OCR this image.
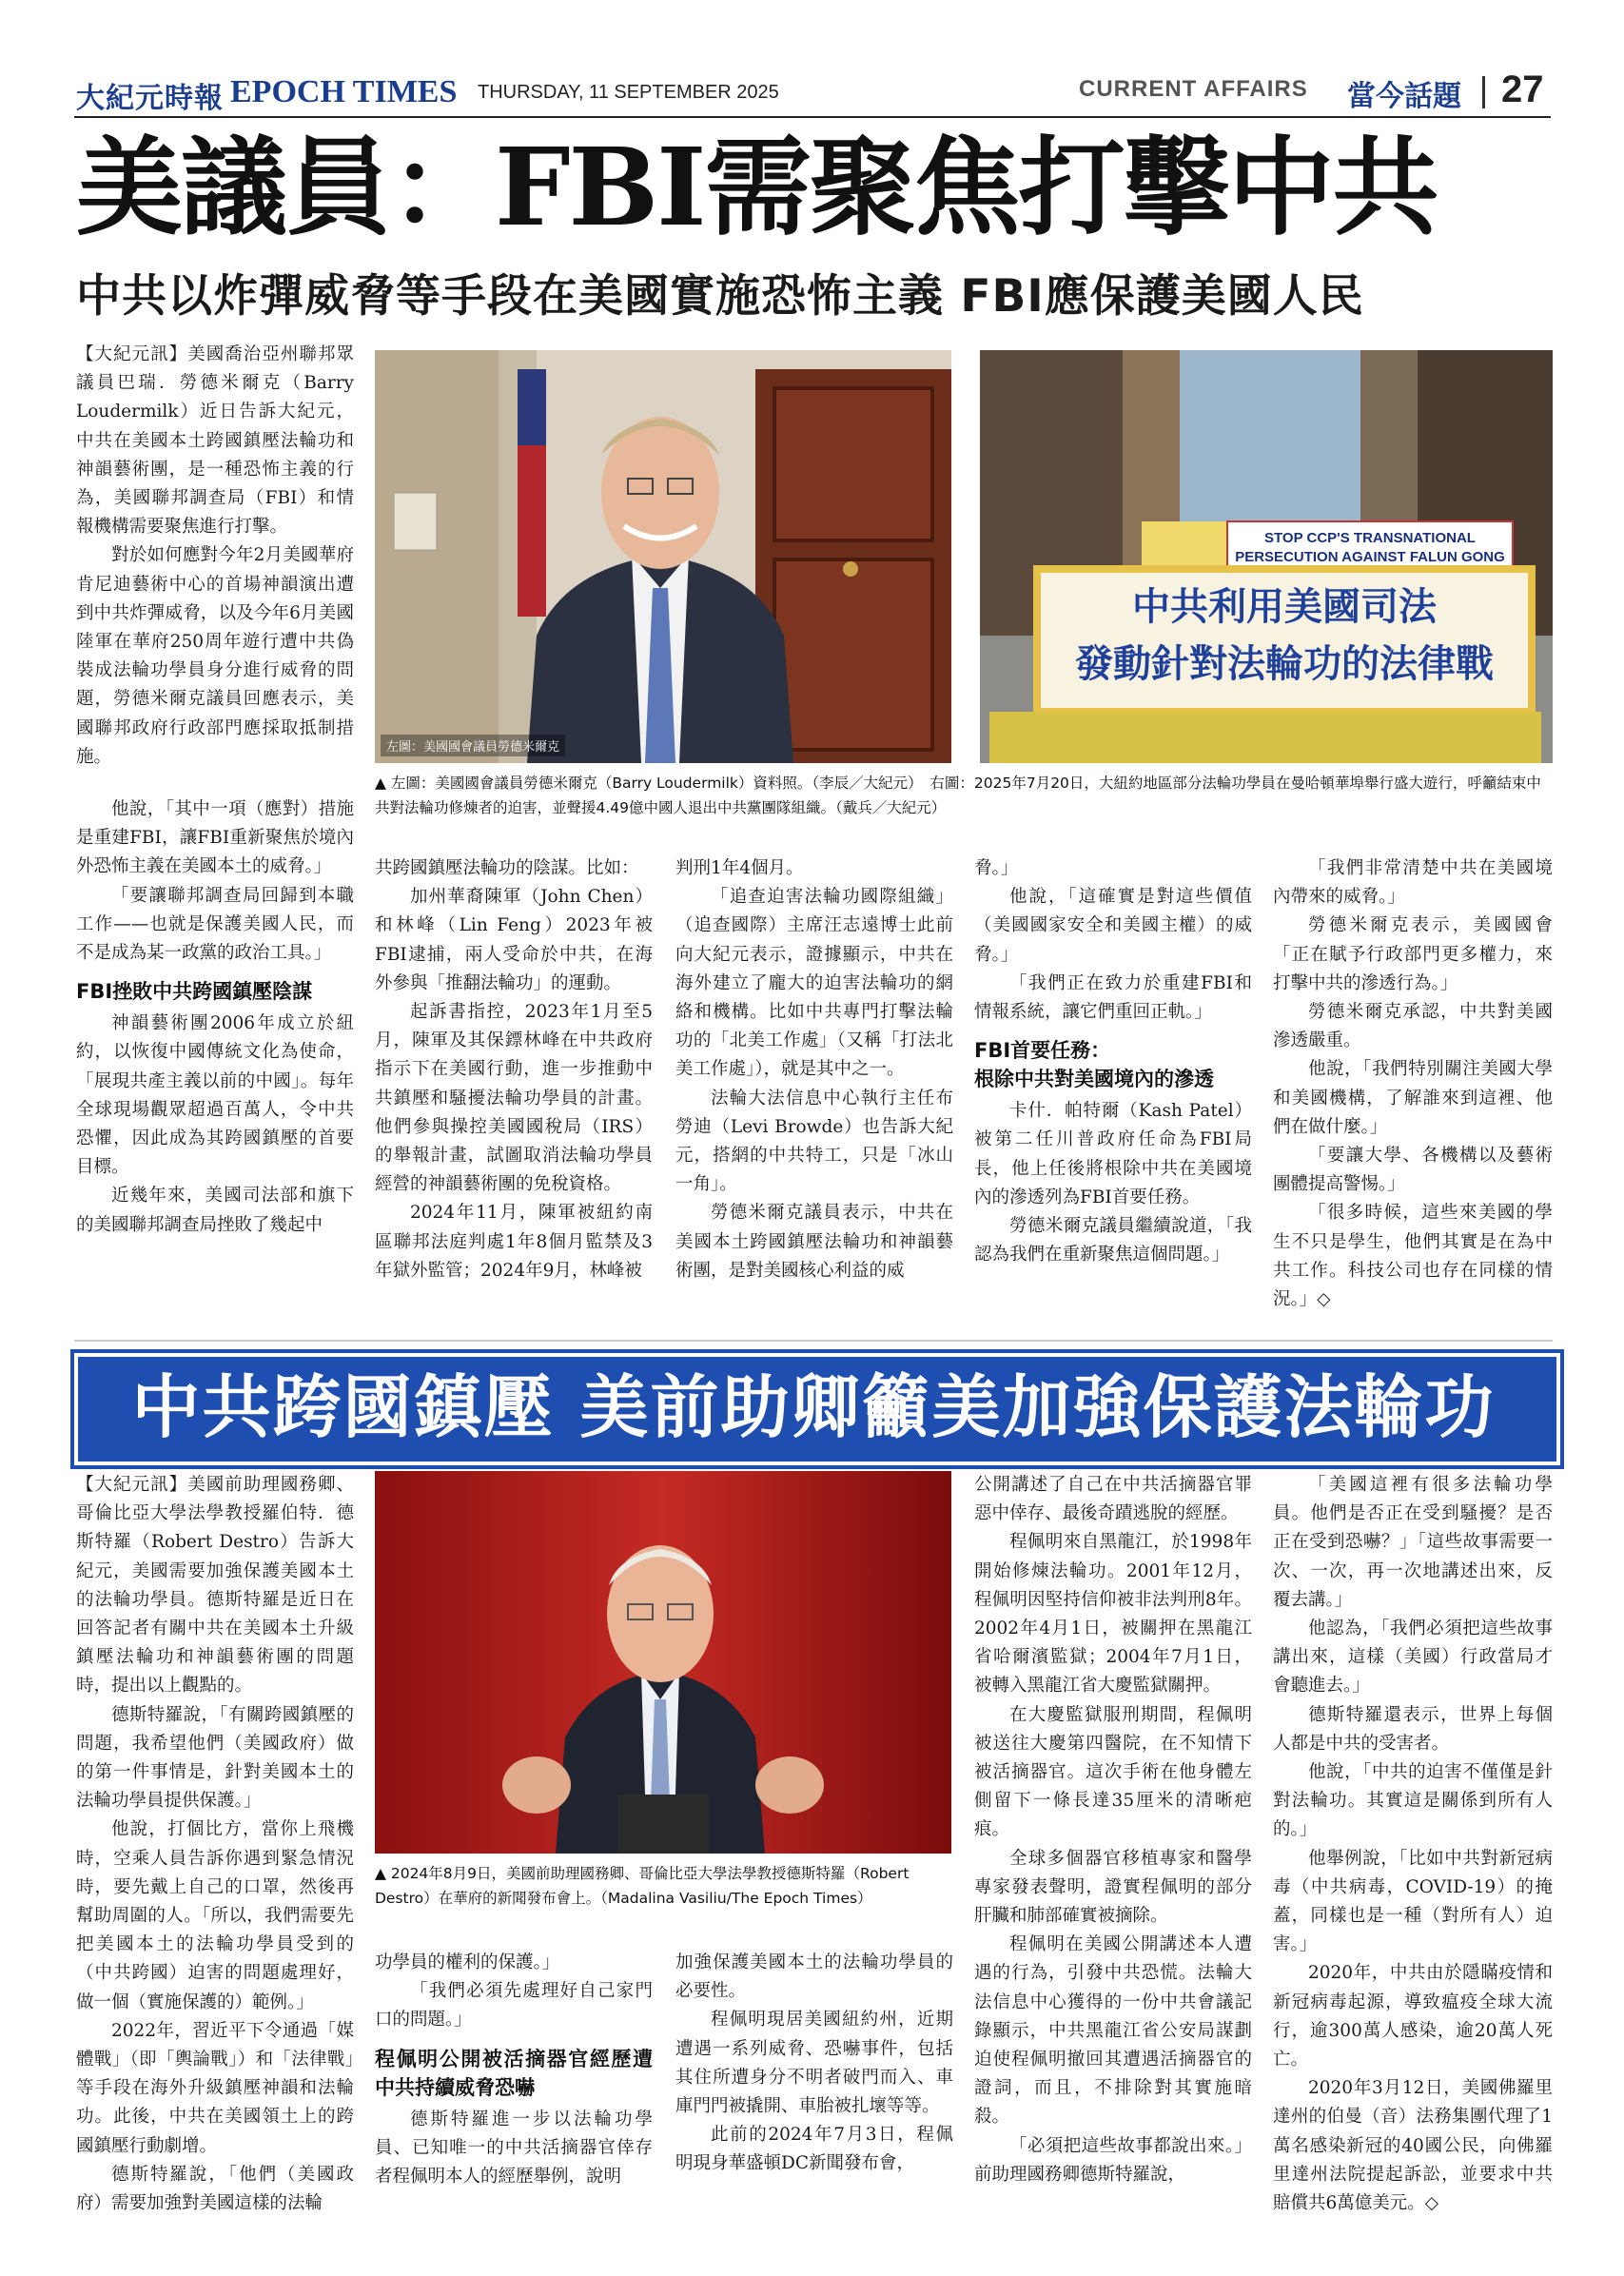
大紀元時報 EPOCH TIMES THURSDAY, 11 SEPTEMBER 2025	CURRENT AFFAIRS 當今話題 27
美議員：FBI需聚焦打擊中共
中共以炸彈威脅等手段在美國實施恐怖主義 FBI應保護美國人民

【大紀元訊】美國喬治亞州聯邦眾議員巴瑞．勞德米爾克（Barry Loudermilk）近日告訴大紀元，中共在美國本土跨國鎮壓法輪功和神韻藝術團，是一種恐怖主義的行為，美國聯邦調查局（FBI）和情報機構需要聚焦進行打擊。

對於如何應對今年2月美國華府肯尼迪藝術中心的首場神韻演出遭到中共炸彈威脅，以及今年6月美國陸軍在華府250周年遊行遭中共偽裝成法輪功學員身分進行威脅的問題，勞德米爾克議員回應表示，美國聯邦政府行政部門應採取抵制措施。

STOP CCP'S TRANSNATIONAL PERSECUTION AGAINST FALUN GONG
中共利用美國司法
發動針對法輪功的法律戰
▲ 左圖：美國國會議員勞德米爾克（Barry Loudermilk）資料照。（李辰／大紀元）　右圖：2025年7月20日，大紐約地區部分法輪功學員在曼哈頓華埠舉行盛大遊行，呼籲結束中共對法輪功修煉者的迫害，並聲援4.49億中國人退出中共黨團隊組織。（戴兵／大紀元）

他說，「其中一項（應對）措施是重建FBI，讓FBI重新聚焦於境內外恐怖主義在美國本土的威脅。」

「要讓聯邦調查局回歸到本職工作——也就是保護美國人民，而不是成為某一政黨的政治工具。」

FBI挫敗中共跨國鎮壓陰謀

神韻藝術團2006年成立於紐約，以恢復中國傳統文化為使命，「展現共產主義以前的中國」。每年全球現場觀眾超過百萬人，令中共恐懼，因此成為其跨國鎮壓的首要目標。

近幾年來，美國司法部和旗下的美國聯邦調查局挫敗了幾起中

共跨國鎮壓法輪功的陰謀。比如：

加州華裔陳軍（John Chen）和林峰（Lin Feng）2023年被FBI逮捕，兩人受命於中共，在海外參與「推翻法輪功」的運動。

起訴書指控，2023年1月至5月，陳軍及其保鏢林峰在中共政府指示下在美國行動，進一步推動中共鎮壓和騷擾法輪功學員的計畫。他們參與操控美國國稅局（IRS）的舉報計畫，試圖取消法輪功學員經營的神韻藝術團的免稅資格。

2024年11月，陳軍被紐約南區聯邦法庭判處1年8個月監禁及3年獄外監管；2024年9月，林峰被

判刑1年4個月。

「追查迫害法輪功國際組織」（追查國際）主席汪志遠博士此前向大紀元表示，證據顯示，中共在海外建立了龐大的迫害法輪功的網絡和機構。比如中共專門打擊法輪功的「北美工作處」（又稱「打法北美工作處」），就是其中之一。

法輪大法信息中心執行主任布勞迪（Levi Browde）也告訴大紀元，搭網的中共特工，只是「冰山一角」。

勞德米爾克議員表示，中共在美國本土跨國鎮壓法輪功和神韻藝術團，是對美國核心利益的威

脅。」

他說，「這確實是對這些價值（美國國家安全和美國主權）的威脅。」

「我們正在致力於重建FBI和情報系統，讓它們重回正軌。」

FBI首要任務：
根除中共對美國境內的滲透

卡什．帕特爾（Kash Patel）被第二任川普政府任命為FBI局長，他上任後將根除中共在美國境內的滲透列為FBI首要任務。

勞德米爾克議員繼續說道，「我認為我們在重新聚焦這個問題。」

「我們非常清楚中共在美國境內帶來的威脅。」

勞德米爾克表示，美國國會「正在賦予行政部門更多權力，來打擊中共的滲透行為。」

勞德米爾克承認，中共對美國滲透嚴重。

他說，「我們特別關注美國大學和美國機構，了解誰來到這裡、他們在做什麼。」

「要讓大學、各機構以及藝術團體提高警惕。」

「很多時候，這些來美國的學生不只是學生，他們其實是在為中共工作。科技公司也存在同樣的情況。」◇

中共跨國鎮壓 美前助卿籲美加強保護法輪功

【大紀元訊】美國前助理國務卿、哥倫比亞大學法學教授羅伯特．德斯特羅（Robert Destro）告訴大紀元，美國需要加強保護美國本土的法輪功學員。德斯特羅是近日在回答記者有關中共在美國本土升級鎮壓法輪功和神韻藝術團的問題時，提出以上觀點的。

德斯特羅說，「有關跨國鎮壓的問題，我希望他們（美國政府）做的第一件事情是，針對美國本土的法輪功學員提供保護。」

他說，打個比方，當你上飛機時，空乘人員告訴你遇到緊急情況時，要先戴上自己的口罩，然後再幫助周圍的人。「所以，我們需要先把美國本土的法輪功學員受到的（中共跨國）迫害的問題處理好，做一個（實施保護的）範例。」

2022年，習近平下令通過「媒體戰」（即「輿論戰」）和「法律戰」等手段在海外升級鎮壓神韻和法輪功。此後，中共在美國領土上的跨國鎮壓行動劇增。

德斯特羅說，「他們（美國政府）需要加強對美國這樣的法輪

▲ 2024年8月9日，美國前助理國務卿、哥倫比亞大學法學教授德斯特羅（Robert Destro）在華府的新聞發布會上。（Madalina Vasiliu/The Epoch Times）

功學員的權利的保護。」

「我們必須先處理好自己家門口的問題。」

程佩明公開被活摘器官經歷遭中共持續威脅恐嚇

德斯特羅進一步以法輪功學員、已知唯一的中共活摘器官倖存者程佩明本人的經歷舉例，說明

加強保護美國本土的法輪功學員的必要性。

程佩明現居美國紐約州，近期遭遇一系列威脅、恐嚇事件，包括其住所遭身分不明者破門而入、車庫門門被撬開、車胎被扎壞等等。

此前的2024年7月3日，程佩明現身華盛頓DC新聞發布會，

公開講述了自己在中共活摘器官罪惡中倖存、最後奇蹟逃脫的經歷。

程佩明來自黑龍江，於1998年開始修煉法輪功。2001年12月，程佩明因堅持信仰被非法判刑8年。2002年4月1日，被關押在黑龍江省哈爾濱監獄；2004年7月1日，被轉入黑龍江省大慶監獄關押。

在大慶監獄服刑期間，程佩明被送往大慶第四醫院，在不知情下被活摘器官。這次手術在他身體左側留下一條長達35厘米的清晰疤痕。

全球多個器官移植專家和醫學專家發表聲明，證實程佩明的部分肝臟和肺部確實被摘除。

程佩明在美國公開講述本人遭遇的行為，引發中共恐慌。法輪大法信息中心獲得的一份中共會議記錄顯示，中共黑龍江省公安局謀劃迫使程佩明撤回其遭遇活摘器官的證詞，而且，不排除對其實施暗殺。

「必須把這些故事都說出來。」前助理國務卿德斯特羅說，

「美國這裡有很多法輪功學員。他們是否正在受到騷擾？是否正在受到恐嚇？」「這些故事需要一次、一次，再一次地講述出來，反覆去講。」

他認為，「我們必須把這些故事講出來，這樣（美國）行政當局才會聽進去。」

德斯特羅還表示，世界上每個人都是中共的受害者。

他說，「中共的迫害不僅僅是針對法輪功。其實這是關係到所有人的。」

他舉例說，「比如中共對新冠病毒（中共病毒，COVID-19）的掩蓋，同樣也是一種（對所有人）迫害。」

2020年，中共由於隱瞞疫情和新冠病毒起源，導致瘟疫全球大流行，逾300萬人感染，逾20萬人死亡。

2020年3月12日，美國佛羅里達州的伯曼（音）法務集團代理了1萬名感染新冠的40國公民，向佛羅里達州法院提起訴訟，並要求中共賠償共6萬億美元。◇

左圖：美國國會議員勞德米爾克
